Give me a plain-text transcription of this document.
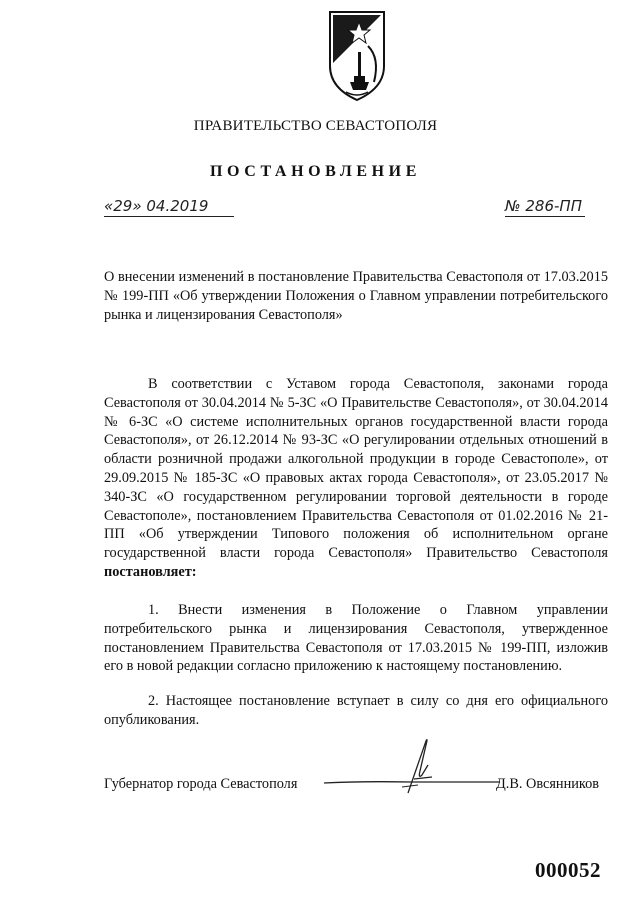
ПРАВИТЕЛЬСТВО СЕВАСТОПОЛЯ
ПОСТАНОВЛЕНИЕ
«29» 04.2019	№ 286-ПП
О внесении изменений в постановление Правительства Севастополя от 17.03.2015 № 199-ПП «Об утверждении Положения о Главном управлении потребительского рынка и лицензирования Севастополя»
В соответствии с Уставом города Севастополя, законами города Севастополя от 30.04.2014 № 5-ЗС «О Правительстве Севастополя», от 30.04.2014 № 6-ЗС «О системе исполнительных органов государственной власти города Севастополя», от 26.12.2014 № 93-ЗС «О регулировании отдельных отношений в области розничной продажи алкогольной продукции в городе Севастополе», от 29.09.2015 № 185-ЗС «О правовых актах города Севастополя», от 23.05.2017 № 340-ЗС «О государственном регулировании торговой деятельности в городе Севастополе», постановлением Правительства Севастополя от 01.02.2016 № 21-ПП «Об утверждении Типового положения об исполнительном органе государственной власти города Севастополя» Правительство Севастополя постановляет:
1. Внести изменения в Положение о Главном управлении потребительского рынка и лицензирования Севастополя, утвержденное постановлением Правительства Севастополя от 17.03.2015 № 199-ПП, изложив его в новой редакции согласно приложению к настоящему постановлению.
2. Настоящее постановление вступает в силу со дня его официального опубликования.
Губернатор города Севастополя	Д.В. Овсянников
000052
